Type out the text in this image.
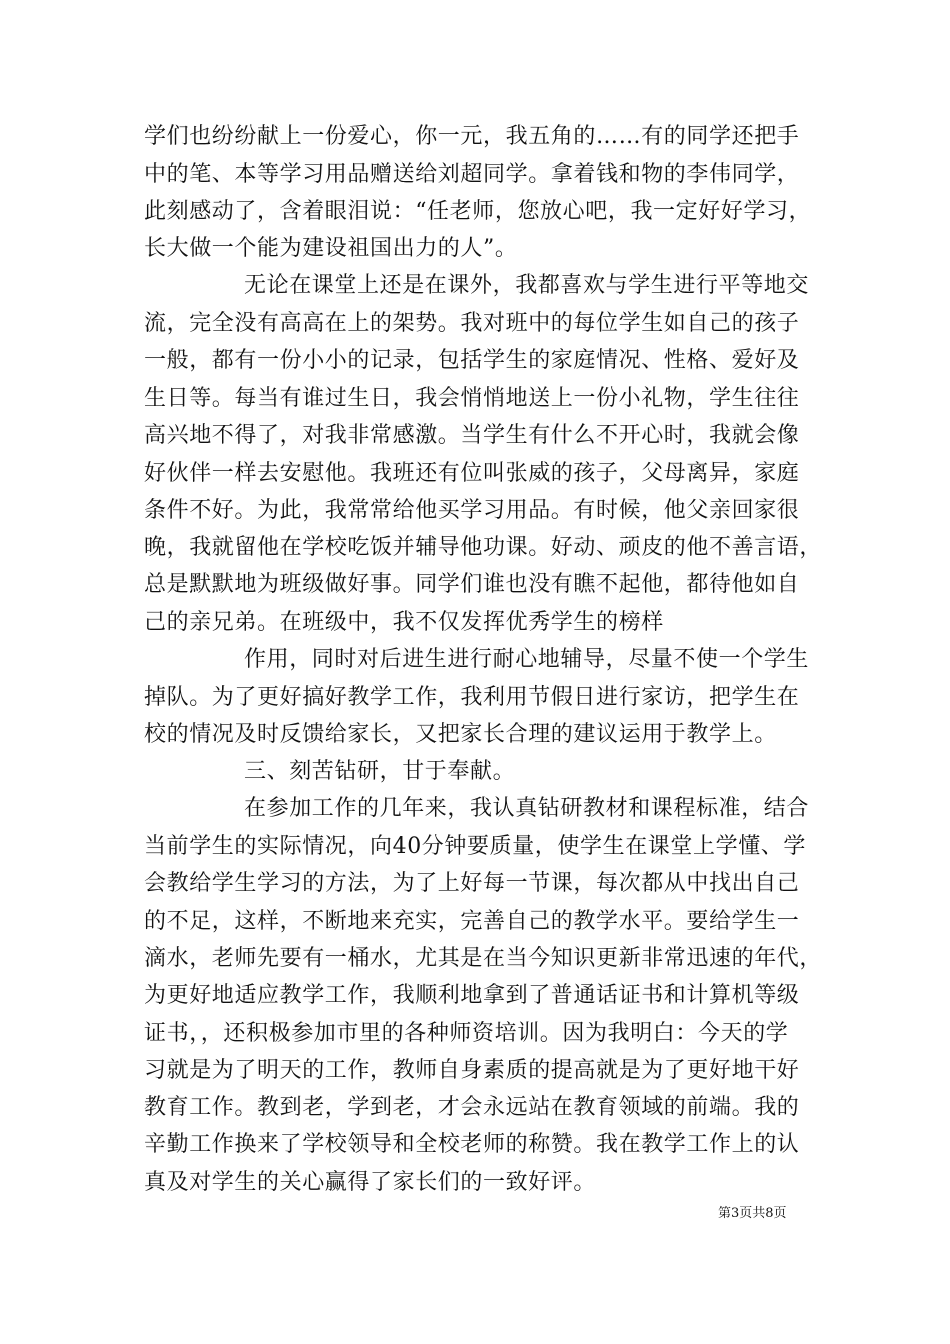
学们也纷纷献上一份爱心，你一元，我五角的……有的同学还把手
中的笔、本等学习用品赠送给刘超同学。拿着钱和物的李伟同学，
此刻感动了，含着眼泪说：“任老师，您放心吧，我一定好好学习，
长大做一个能为建设祖国出力的人”。
无论在课堂上还是在课外，我都喜欢与学生进行平等地交
流，完全没有高高在上的架势。我对班中的每位学生如自己的孩子
一般，都有一份小小的记录，包括学生的家庭情况、性格、爱好及
生日等。每当有谁过生日，我会悄悄地送上一份小礼物，学生往往
高兴地不得了，对我非常感激。当学生有什么不开心时，我就会像
好伙伴一样去安慰他。我班还有位叫张威的孩子，父母离异，家庭
条件不好。为此，我常常给他买学习用品。有时候，他父亲回家很
晚，我就留他在学校吃饭并辅导他功课。好动、顽皮的他不善言语，
总是默默地为班级做好事。同学们谁也没有瞧不起他，都待他如自
己的亲兄弟。在班级中，我不仅发挥优秀学生的榜样
作用，同时对后进生进行耐心地辅导，尽量不使一个学生
掉队。为了更好搞好教学工作，我利用节假日进行家访，把学生在
校的情况及时反馈给家长，又把家长合理的建议运用于教学上。
三、刻苦钻研，甘于奉献。
在参加工作的几年来，我认真钻研教材和课程标准，结合
当前学生的实际情况，向40分钟要质量，使学生在课堂上学懂、学
会教给学生学习的方法，为了上好每一节课，每次都从中找出自己
的不足，这样，不断地来充实，完善自己的教学水平。要给学生一
滴水，老师先要有一桶水，尤其是在当今知识更新非常迅速的年代，
为更好地适应教学工作，我顺利地拿到了普通话证书和计算机等级
证书，，还积极参加市里的各种师资培训。因为我明白：今天的学
习就是为了明天的工作，教师自身素质的提高就是为了更好地干好
教育工作。教到老，学到老，才会永远站在教育领域的前端。我的
辛勤工作换来了学校领导和全校老师的称赞。我在教学工作上的认
真及对学生的关心赢得了家长们的一致好评。
第3页共8页
